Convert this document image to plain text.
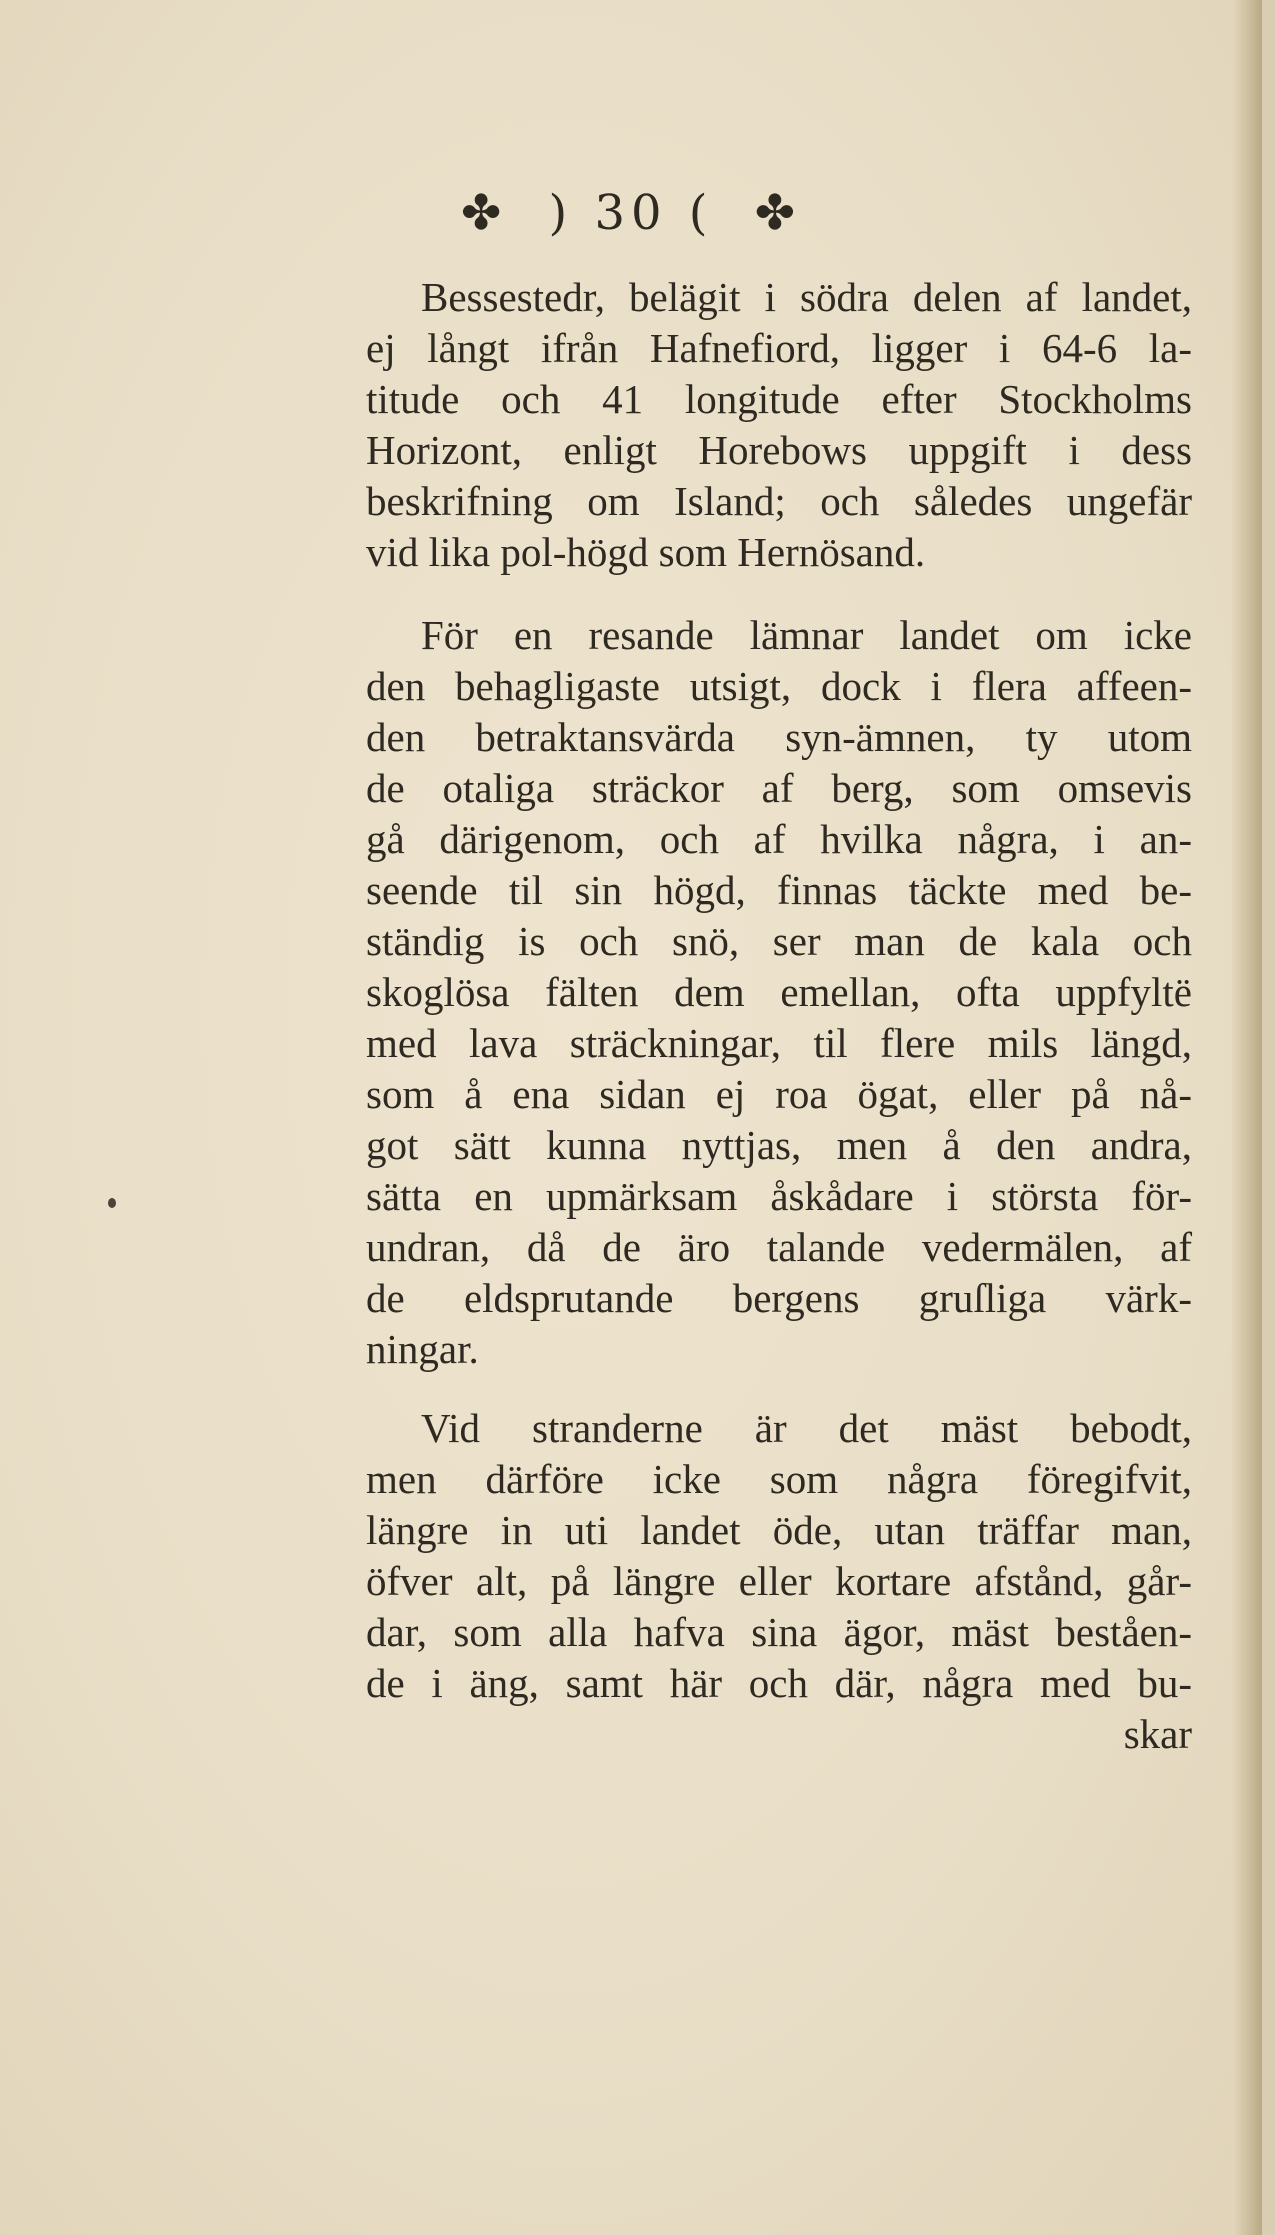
✤ ) 30 ( ✤
Bessestedr, belägit i södra delen af landet,
ej långt ifrån Hafnefiord, ligger i 64-6 la-
titude och 41 longitude efter Stockholms
Horizont, enligt Horebows uppgift i dess
beskrifning om Island; och således ungefär
vid lika pol-högd som Hernösand.
För en resande lämnar landet om icke
den behagligaste utsigt, dock i flera affeen-
den betraktansvärda syn-ämnen, ty utom
de otaliga sträckor af berg, som omsevis
gå därigenom, och af hvilka några, i an-
seende til sin högd, finnas täckte med be-
ständig is och snö, ser man de kala och
skoglösa fälten dem emellan, ofta uppfyltë
med lava sträckningar, til flere mils längd,
som å ena sidan ej roa ögat, eller på nå-
got sätt kunna nyttjas, men å den andra,
sätta en upmärksam åskådare i största för-
undran, då de äro talande vedermälen, af
de eldsprutande bergens gruſliga värk-
ningar.
Vid stranderne är det mäst bebodt,
men därföre icke som några föregifvit,
längre in uti landet öde, utan träffar man,
öfver alt, på längre eller kortare afstånd, går-
dar, som alla hafva sina ägor, mäst beståen-
de i äng, samt här och där, några med bu-
skar
